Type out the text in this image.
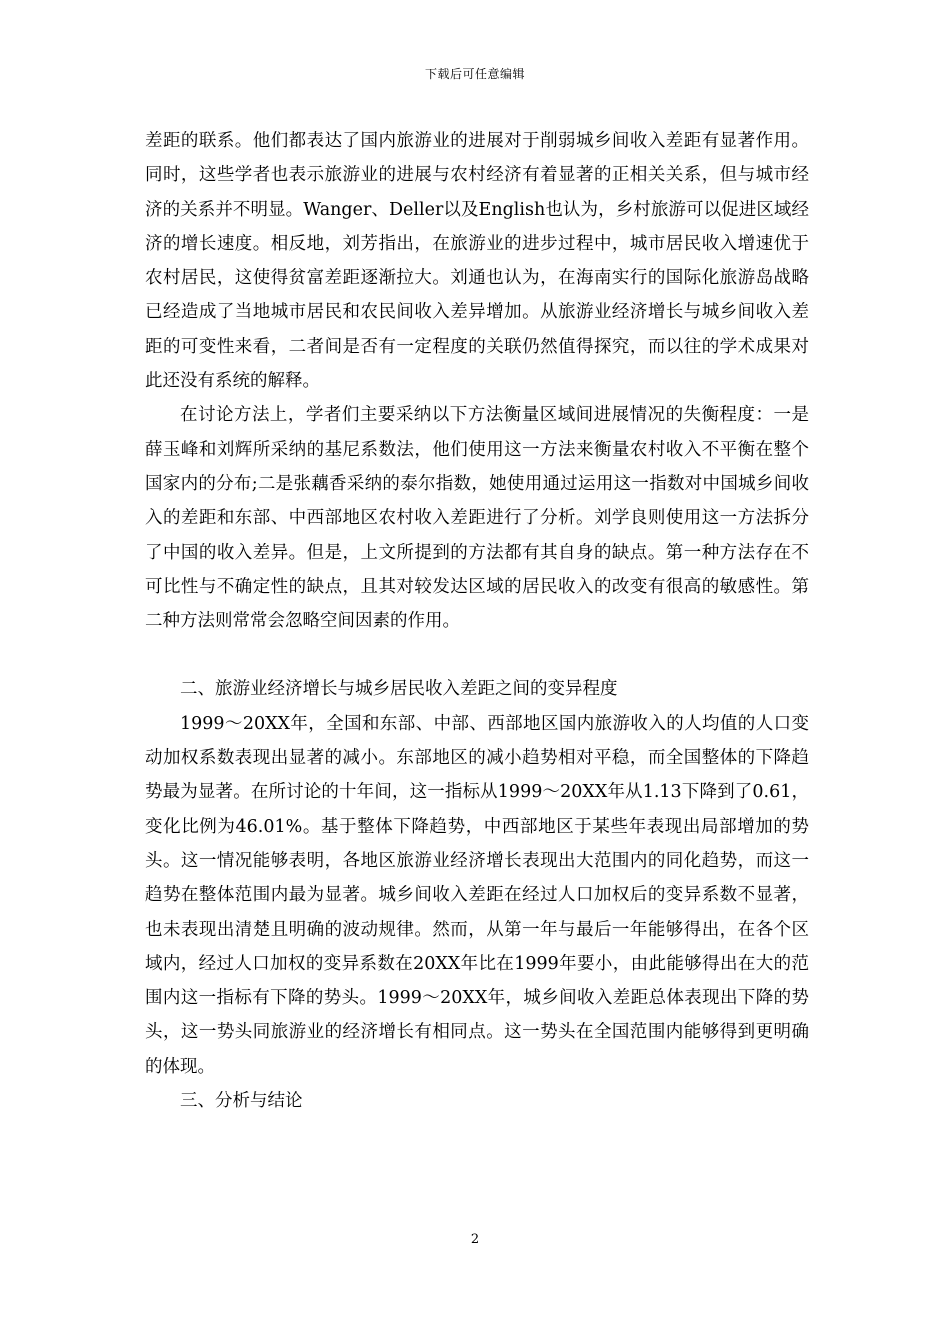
下载后可任意编辑

差距的联系。他们都表达了国内旅游业的进展对于削弱城乡间收入差距有显著作用。同时，这些学者也表示旅游业的进展与农村经济有着显著的正相关关系，但与城市经济的关系并不明显。Wanger、Deller以及English也认为，乡村旅游可以促进区域经济的增长速度。相反地，刘芳指出，在旅游业的进步过程中，城市居民收入增速优于农村居民，这使得贫富差距逐渐拉大。刘通也认为，在海南实行的国际化旅游岛战略已经造成了当地城市居民和农民间收入差异增加。从旅游业经济增长与城乡间收入差距的可变性来看，二者间是否有一定程度的关联仍然值得探究，而以往的学术成果对此还没有系统的解释。

在讨论方法上，学者们主要采纳以下方法衡量区域间进展情况的失衡程度：一是薛玉峰和刘辉所采纳的基尼系数法，他们使用这一方法来衡量农村收入不平衡在整个国家内的分布;二是张藕香采纳的泰尔指数，她使用通过运用这一指数对中国城乡间收入的差距和东部、中西部地区农村收入差距进行了分析。刘学良则使用这一方法拆分了中国的收入差异。但是，上文所提到的方法都有其自身的缺点。第一种方法存在不可比性与不确定性的缺点，且其对较发达区域的居民收入的改变有很高的敏感性。第二种方法则常常会忽略空间因素的作用。

二、旅游业经济增长与城乡居民收入差距之间的变异程度

1999～20XX年，全国和东部、中部、西部地区国内旅游收入的人均值的人口变动加权系数表现出显著的减小。东部地区的减小趋势相对平稳，而全国整体的下降趋势最为显著。在所讨论的十年间，这一指标从1999～20XX年从1.13下降到了0.61，变化比例为46.01%。基于整体下降趋势，中西部地区于某些年表现出局部增加的势头。这一情况能够表明，各地区旅游业经济增长表现出大范围内的同化趋势，而这一趋势在整体范围内最为显著。城乡间收入差距在经过人口加权后的变异系数不显著，也未表现出清楚且明确的波动规律。然而，从第一年与最后一年能够得出，在各个区域内，经过人口加权的变异系数在20XX年比在1999年要小，由此能够得出在大的范围内这一指标有下降的势头。1999～20XX年，城乡间收入差距总体表现出下降的势头，这一势头同旅游业的经济增长有相同点。这一势头在全国范围内能够得到更明确的体现。

三、分析与结论

2
